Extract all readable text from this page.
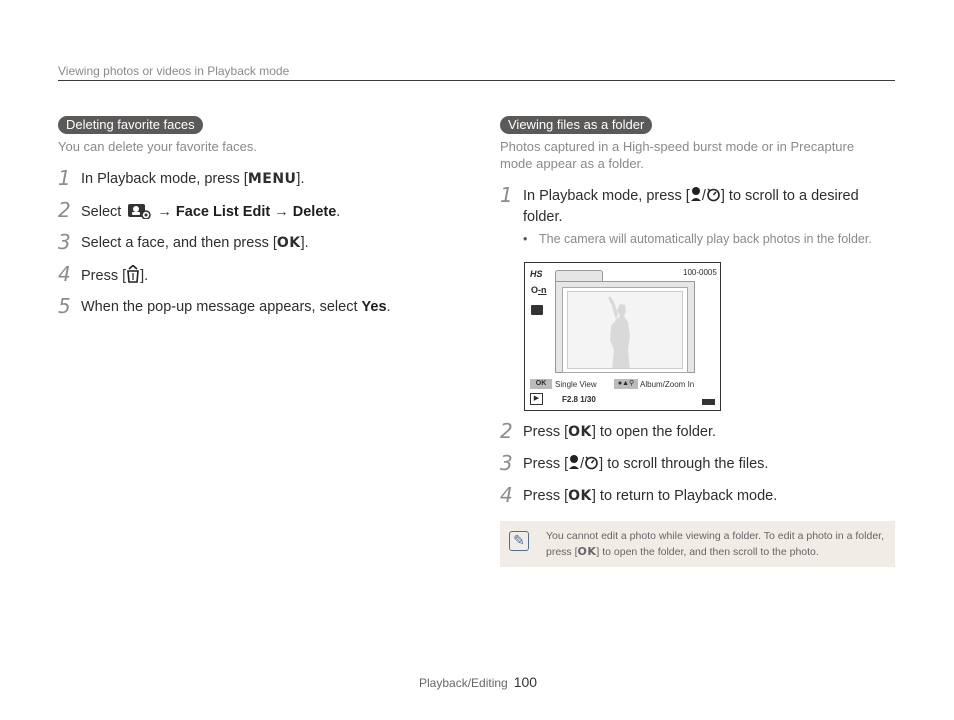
Viewing photos or videos in Playback mode
Deleting favorite faces
You can delete your favorite faces.
1 In Playback mode, press [MENU].
2 Select → Face List Edit → Delete.
3 Select a face, and then press [OK].
4 Press [ ].
5 When the pop-up message appears, select Yes.
Viewing files as a folder
Photos captured in a High-speed burst mode or in Precapture mode appear as a folder.
1 In Playback mode, press [ / ] to scroll to a desired folder.
• The camera will automatically play back photos in the folder.
HS
O-n
100-0005
OK	Single View	●▲⚲ Album/Zoom In
▶	F2.8 1/30
2 Press [OK] to open the folder.
3 Press [ / ] to scroll through the files.
4 Press [OK] to return to Playback mode.
✎	You cannot edit a photo while viewing a folder. To edit a photo in a folder,
press [OK] to open the folder, and then scroll to the photo.
Playback/Editing 100
